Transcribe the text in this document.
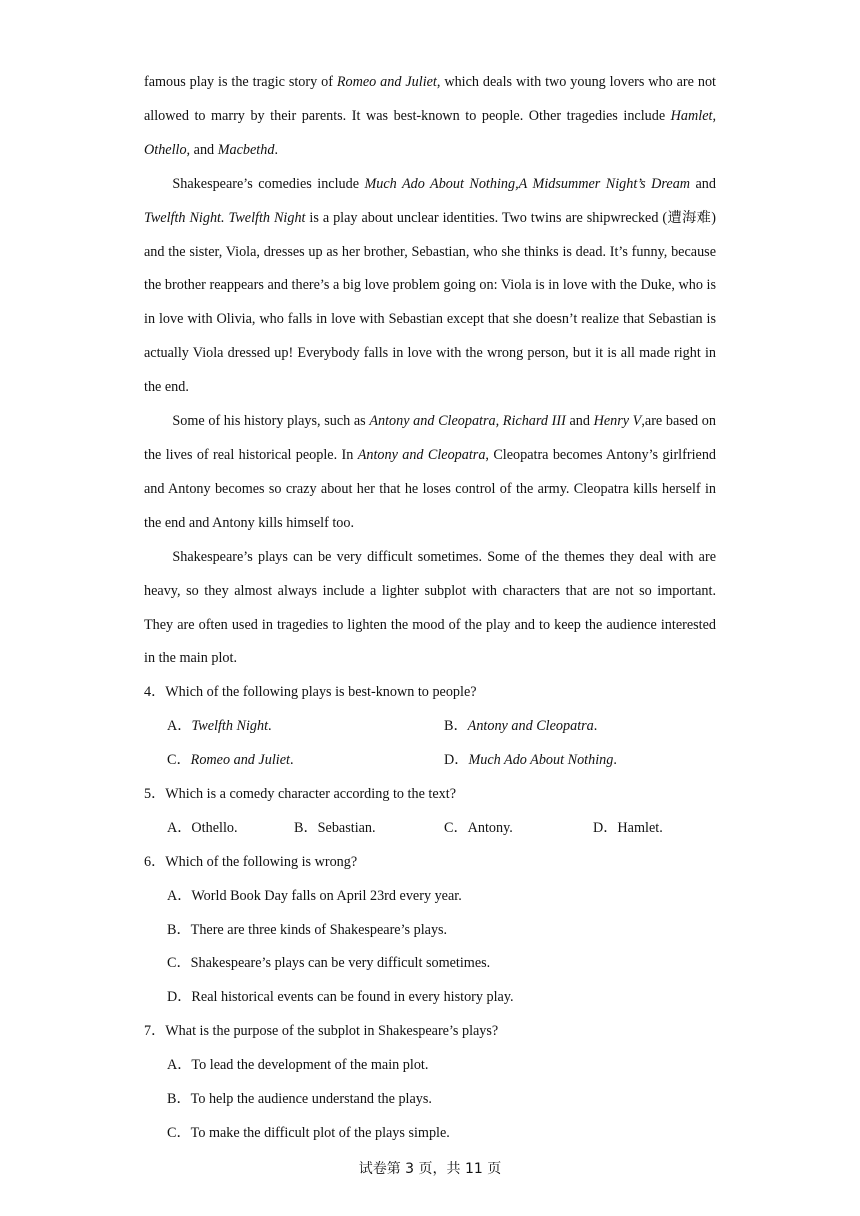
famous play is the tragic story of Romeo and Juliet, which deals with two young lovers who are not allowed to marry by their parents. It was best-known to people. Other tragedies include Hamlet, Othello, and Macbethd.

Shakespeare’s comedies include Much Ado About Nothing,A Midsummer Night’s Dream and Twelfth Night. Twelfth Night is a play about unclear identities. Two twins are shipwrecked (遭海难) and the sister, Viola, dresses up as her brother, Sebastian, who she thinks is dead. It’s funny, because the brother reappears and there’s a big love problem going on: Viola is in love with the Duke, who is in love with Olivia, who falls in love with Sebastian except that she doesn’t realize that Sebastian is actually Viola dressed up! Everybody falls in love with the wrong person, but it is all made right in the end.

Some of his history plays, such as Antony and Cleopatra, Richard III and Henry V,are based on the lives of real historical people. In Antony and Cleopatra, Cleopatra becomes Antony’s girlfriend and Antony becomes so crazy about her that he loses control of the army. Cleopatra kills herself in the end and Antony kills himself too.

Shakespeare’s plays can be very difficult sometimes. Some of the themes they deal with are heavy, so they almost always include a lighter subplot with characters that are not so important. They are often used in tragedies to lighten the mood of the play and to keep the audience interested in the main plot.

4．Which of the following plays is best-known to people?
A．Twelfth Night.	B．Antony and Cleopatra.
C．Romeo and Juliet.	D．Much Ado About Nothing.
5．Which is a comedy character according to the text?
A．Othello.	B．Sebastian.	C．Antony.	D．Hamlet.
6．Which of the following is wrong?
A．World Book Day falls on April 23rd every year.
B．There are three kinds of Shakespeare’s plays.
C．Shakespeare’s plays can be very difficult sometimes.
D．Real historical events can be found in every history play.
7．What is the purpose of the subplot in Shakespeare’s plays?
A．To lead the development of the main plot.
B．To help the audience understand the plays.
C．To make the difficult plot of the plays simple.
试卷第 3 页，共 11 页
